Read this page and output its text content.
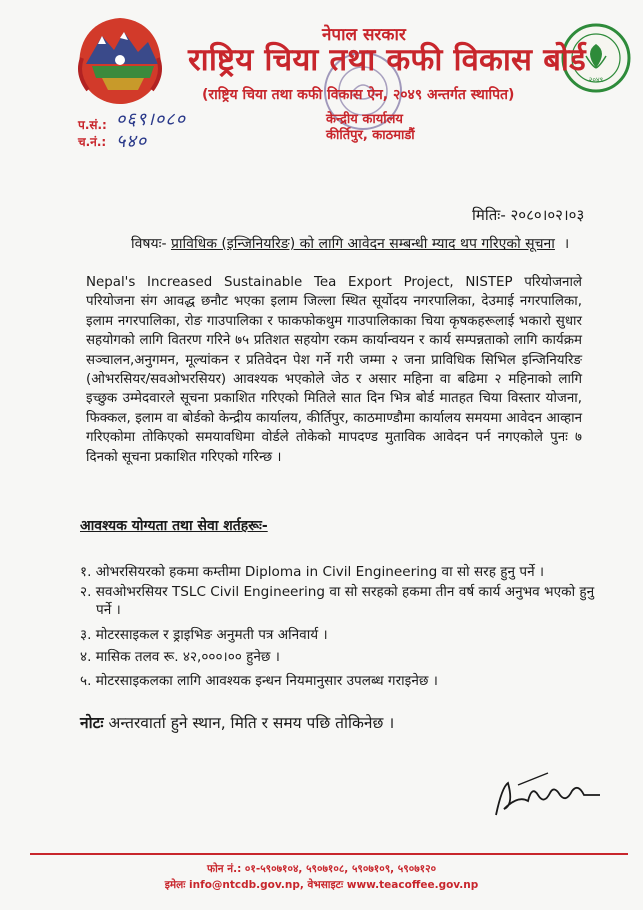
२०४९
नेपाल सरकार
राष्ट्रिय चिया तथा कफी विकास बोर्ड
(राष्ट्रिय चिया तथा कफी विकास ऐन, २०४९ अन्तर्गत स्थापित)
केन्द्रीय कार्यालय
कीर्तिपुर, काठमाडौं
प.सं.: ०६९।०८०
च.नं.: ५४०
मितिः- २०८०।०२।०३
विषयः- प्राविधिक (इन्जिनियरिङ) को लागि आवेदन सम्बन्धी म्याद थप गरिएको सूचना  ।
Nepal's Increased Sustainable Tea Export Project, NISTEP परियोजनाले परियोजना संग आवद्ध छनौट भएका इलाम जिल्ला स्थित सूर्योदय नगरपालिका, देउमाई नगरपालिका, इलाम नगरपालिका, रोङ गाउपालिका र फाकफोकथुम गाउपालिकाका चिया कृषकहरूलाई भकारो सुधार सहयोगको लागि वितरण गरिने ७५ प्रतिशत सहयोग रकम कार्यान्वयन र कार्य सम्पन्नताको लागि कार्यक्रम सञ्चालन,अनुगमन, मूल्यांकन र प्रतिवेदन पेश गर्ने गरी जम्मा २ जना प्राविधिक सिभिल इन्जिनियरिङ (ओभरसियर/सवओभरसियर) आवश्यक भएकोले जेठ र असार महिना वा बढिमा २ महिनाको लागि इच्छुक उम्मेदवारले सूचना प्रकाशित गरिएको मितिले सात दिन भित्र बोर्ड मातहत चिया विस्तार योजना, फिक्कल, इलाम वा बोर्डको केन्द्रीय कार्यालय, कीर्तिपुर, काठमाण्डौमा कार्यालय समयमा आवेदन आव्हान गरिएकोमा तोकिएको समयावधिमा वोर्डले तोकेको मापदण्ड मुताविक आवेदन पर्न नगएकोले पुनः ७ दिनको सूचना प्रकाशित गरिएको गरिन्छ ।
आवश्यक योग्यता तथा सेवा शर्तहरूः-
१. ओभरसियरको हकमा कम्तीमा Diploma in Civil Engineering वा सो सरह हुनु पर्ने ।
२. सवओभरसियर TSLC Civil Engineering वा सो सरहको हकमा तीन वर्ष कार्य अनुभव भएको हुनु
पर्ने ।
३. मोटरसाइकल र ड्राइभिङ अनुमती पत्र अनिवार्य ।
४. मासिक तलव रू. ४२,०००।०० हुनेछ ।
५. मोटरसाइकलका लागि आवश्यक इन्धन नियमानुसार उपलब्ध गराइनेछ ।
नोटः अन्तरवार्ता हुने स्थान, मिति र समय पछि तोकिनेछ ।
फोन नं.: ०१-५९०७१०४, ५९०७१०८, ५९०७१०९, ५९०७१२०
इमेलः info@ntcdb.gov.np, वेभसाइटः www.teacoffee.gov.np
